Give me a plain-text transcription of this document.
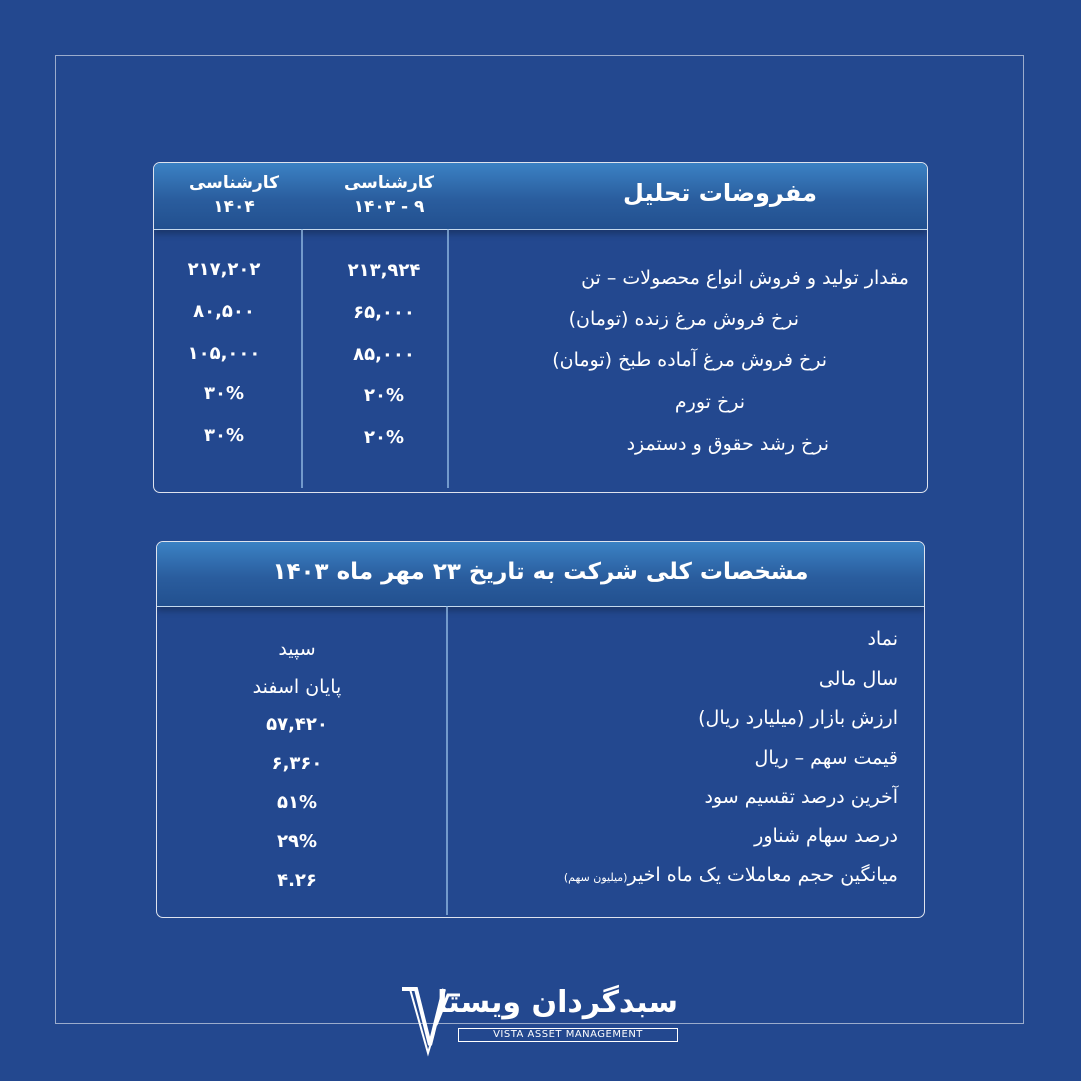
مفروضات تحلیل
کارشناسی
۱۴۰۳ - ۹
کارشناسی
۱۴۰۴
مقدار تولید و فروش انواع محصولات – تن
نرخ فروش مرغ زنده (تومان)
نرخ فروش مرغ آماده طبخ (تومان)
نرخ تورم
نرخ رشد حقوق و دستمزد
۲۱۳,۹۲۴
۶۵,۰۰۰
۸۵,۰۰۰
۲۰%
۲۰%
۲۱۷,۲۰۲
۸۰,۵۰۰
۱۰۵,۰۰۰
۳۰%
۳۰%
مشخصات کلی شرکت به تاریخ ۲۳ مهر ماه ۱۴۰۳
نماد
سال مالی
ارزش بازار (میلیارد ریال)
قیمت سهم – ریال
آخرین درصد تقسیم سود
درصد سهام شناور
میانگین حجم معاملات یک ماه اخیر(میلیون سهم)
سپید
پایان اسفند
۵۷,۴۲۰
۶,۳۶۰
۵۱%
۲۹%
۴.۲۶
سبدگردان ویستا
VISTA ASSET MANAGEMENT
